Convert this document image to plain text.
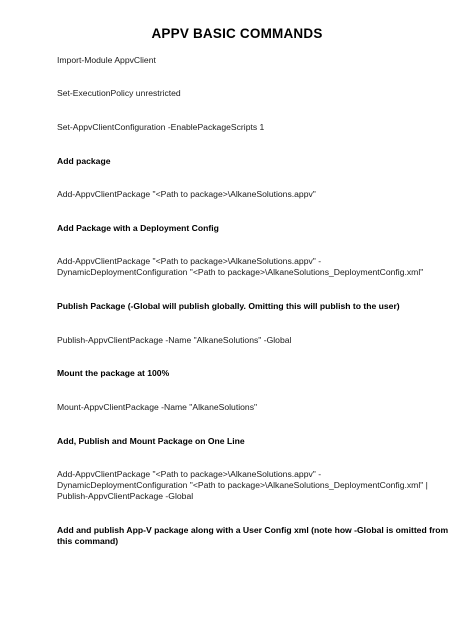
APPV BASIC COMMANDS
Import-Module AppvClient
Set-ExecutionPolicy unrestricted
Set-AppvClientConfiguration -EnablePackageScripts 1
Add package
Add-AppvClientPackage "<Path to package>\AlkaneSolutions.appv"
Add Package with a Deployment Config
Add-AppvClientPackage "<Path to package>\AlkaneSolutions.appv" -
DynamicDeploymentConfiguration "<Path to package>\AlkaneSolutions_DeploymentConfig.xml"
Publish Package (-Global will publish globally. Omitting this will publish to the user)
Publish-AppvClientPackage -Name "AlkaneSolutions" -Global
Mount the package at 100%
Mount-AppvClientPackage -Name "AlkaneSolutions"
Add, Publish and Mount Package on One Line
Add-AppvClientPackage "<Path to package>\AlkaneSolutions.appv" -
DynamicDeploymentConfiguration "<Path to package>\AlkaneSolutions_DeploymentConfig.xml" |
Publish-AppvClientPackage -Global
Add and publish App-V package along with a User Config xml (note how -Global is omitted from
this command)
